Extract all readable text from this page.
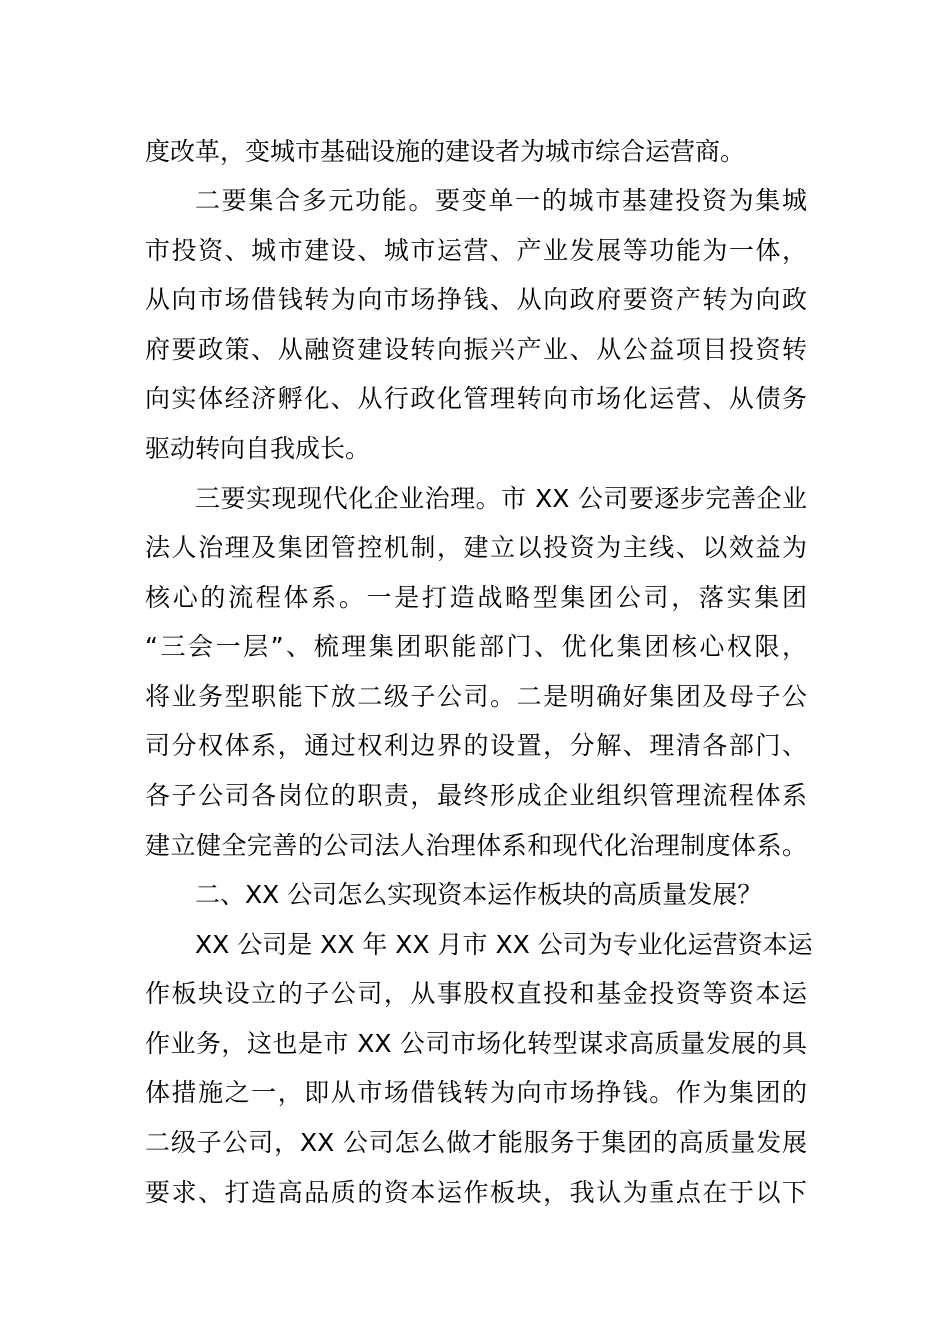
度改革，变城市基础设施的建设者为城市综合运营商。

二要集合多元功能。要变单一的城市基建投资为集城

市投资、城市建设、城市运营、产业发展等功能为一体，

从向市场借钱转为向市场挣钱、从向政府要资产转为向政

府要政策、从融资建设转向振兴产业、从公益项目投资转

向实体经济孵化、从行政化管理转向市场化运营、从债务

驱动转向自我成长。

三要实现现代化企业治理。市 XX 公司要逐步完善企业

法人治理及集团管控机制，建立以投资为主线、以效益为

核心的流程体系。一是打造战略型集团公司，落实集团

“三会一层”、梳理集团职能部门、优化集团核心权限，

将业务型职能下放二级子公司。二是明确好集团及母子公

司分权体系，通过权利边界的设置，分解、理清各部门、

各子公司各岗位的职责，最终形成企业组织管理流程体系

建立健全完善的公司法人治理体系和现代化治理制度体系。

二、XX 公司怎么实现资本运作板块的高质量发展？

XX 公司是 XX 年 XX 月市 XX 公司为专业化运营资本运

作板块设立的子公司，从事股权直投和基金投资等资本运

作业务，这也是市 XX 公司市场化转型谋求高质量发展的具

体措施之一，即从市场借钱转为向市场挣钱。作为集团的

二级子公司，XX 公司怎么做才能服务于集团的高质量发展

要求、打造高品质的资本运作板块，我认为重点在于以下
